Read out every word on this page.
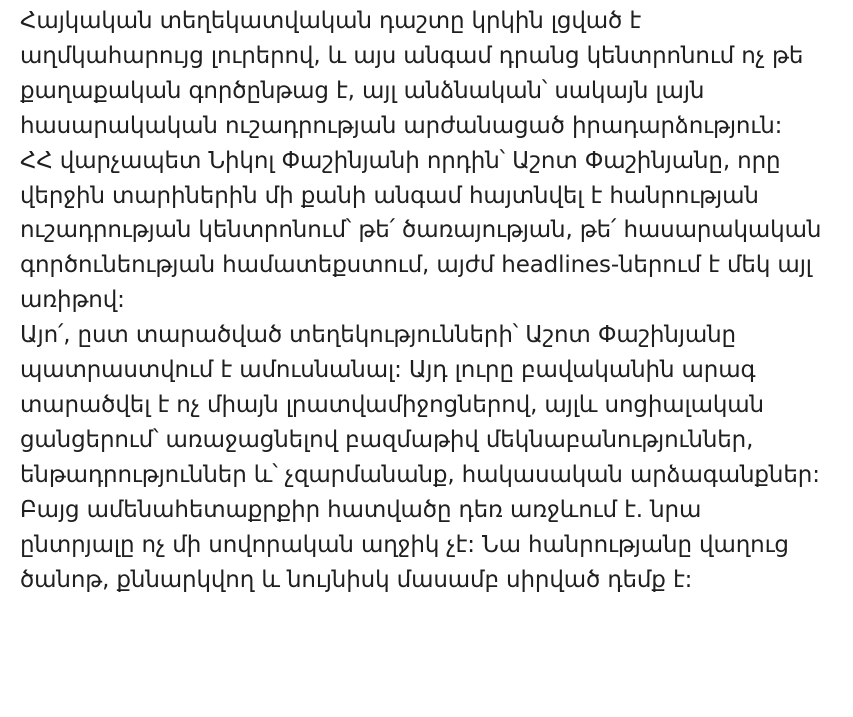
Հայկական տեղեկատվական դաշտը կրկին լցված է
աղմկահարույց լուրերով, և այս անգամ դրանց կենտրոնում ոչ թե
քաղաքական գործընթաց է, այլ անձնական՝ սակայն լայն
հասարակական ուշադրության արժանացած իրադարձություն:

ՀՀ վարչապետ Նիկոլ Փաշինյանի որդին՝ Աշոտ Փաշինյանը, որը
վերջին տարիներին մի քանի անգամ հայտնվել է հանրության
ուշադրության կենտրոնում՝ թե՛ ծառայության, թե՛ հասարակական
գործունեության համատեքստում, այժմ headlines-ներում է մեկ այլ
առիթով:

Այո՛, ըստ տարածված տեղեկությունների՝ Աշոտ Փաշինյանը
պատրաստվում է ամուսնանալ: Այդ լուրը բավականին արագ
տարածվել է ոչ միայն լրատվամիջոցներով, այլև սոցիալական
ցանցերում՝ առաջացնելով բազմաթիվ մեկնաբանություններ,
ենթադրություններ և՝ չզարմանանք, հակասական արձագանքներ:
Բայց ամենահետաքրքիր հատվածը դեռ առջևում է. նրա
ընտրյալը ոչ մի սովորական աղջիկ չէ: Նա հանրությանը վաղուց
ծանոթ, քննարկվող և նույնիսկ մասամբ սիրված դեմք է:
